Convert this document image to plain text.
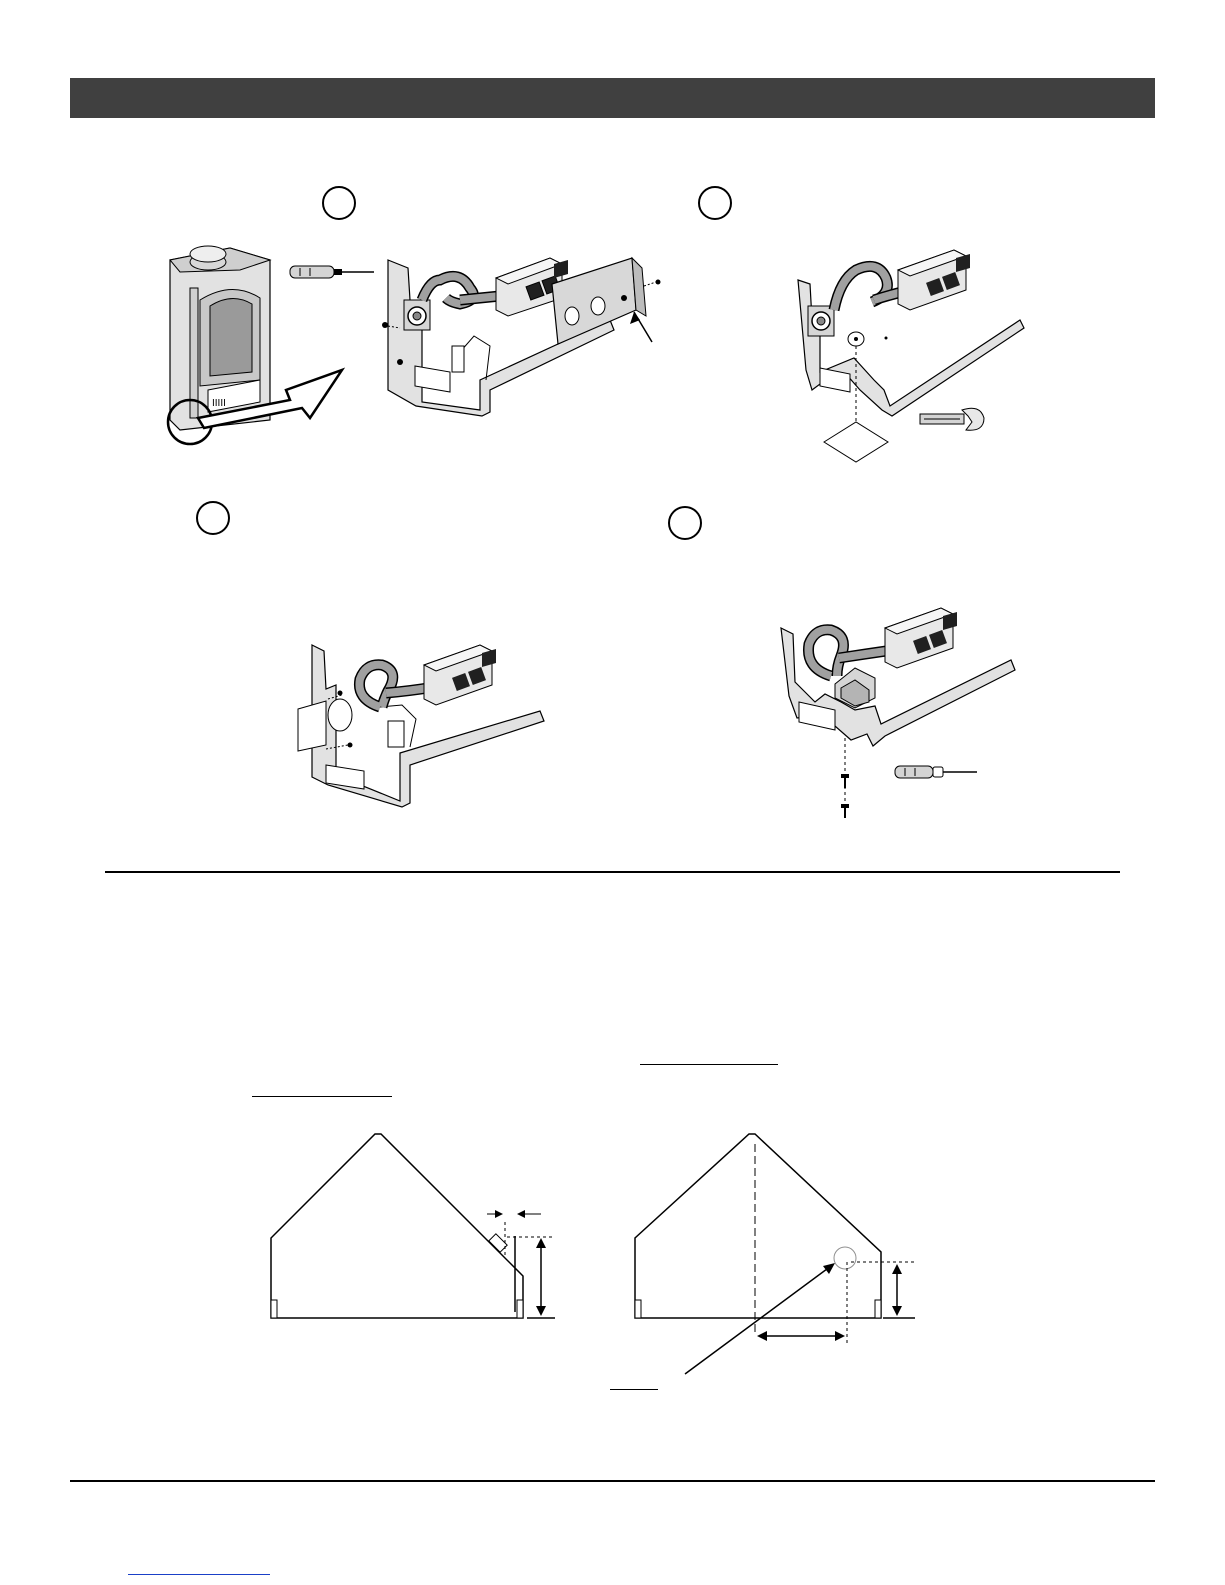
IIIII
